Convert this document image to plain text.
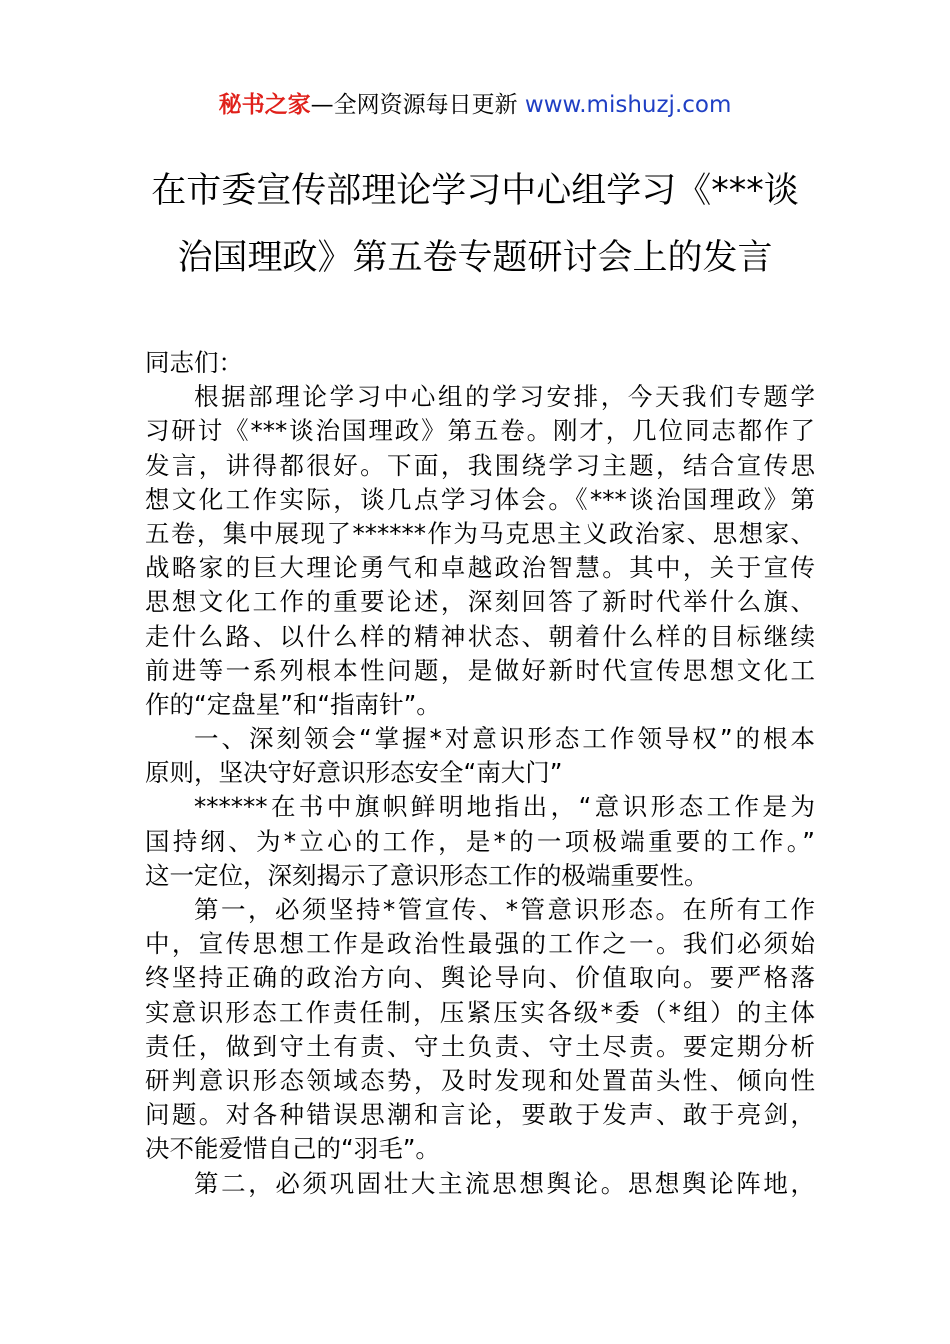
秘书之家—全网资源每日更新 www.mishuzj.com
在市委宣传部理论学习中心组学习《***谈
治国理政》第五卷专题研讨会上的发言
同志们：
根据部理论学习中心组的学习安排，今天我们专题学
习研讨《***谈治国理政》第五卷。刚才，几位同志都作了
发言，讲得都很好。下面，我围绕学习主题，结合宣传思
想文化工作实际，谈几点学习体会。《***谈治国理政》第
五卷，集中展现了******作为马克思主义政治家、思想家、
战略家的巨大理论勇气和卓越政治智慧。其中，关于宣传
思想文化工作的重要论述，深刻回答了新时代举什么旗、
走什么路、以什么样的精神状态、朝着什么样的目标继续
前进等一系列根本性问题，是做好新时代宣传思想文化工
作的“定盘星”和“指南针”。
一、深刻领会“掌握*对意识形态工作领导权”的根本
原则，坚决守好意识形态安全“南大门”
******在书中旗帜鲜明地指出，“意识形态工作是为
国持纲、为*立心的工作，是*的一项极端重要的工作。”
这一定位，深刻揭示了意识形态工作的极端重要性。
第一，必须坚持*管宣传、*管意识形态。在所有工作
中，宣传思想工作是政治性最强的工作之一。我们必须始
终坚持正确的政治方向、舆论导向、价值取向。要严格落
实意识形态工作责任制，压紧压实各级*委（*组）的主体
责任，做到守土有责、守土负责、守土尽责。要定期分析
研判意识形态领域态势，及时发现和处置苗头性、倾向性
问题。对各种错误思潮和言论，要敢于发声、敢于亮剑，
决不能爱惜自己的“羽毛”。
第二，必须巩固壮大主流思想舆论。思想舆论阵地，
